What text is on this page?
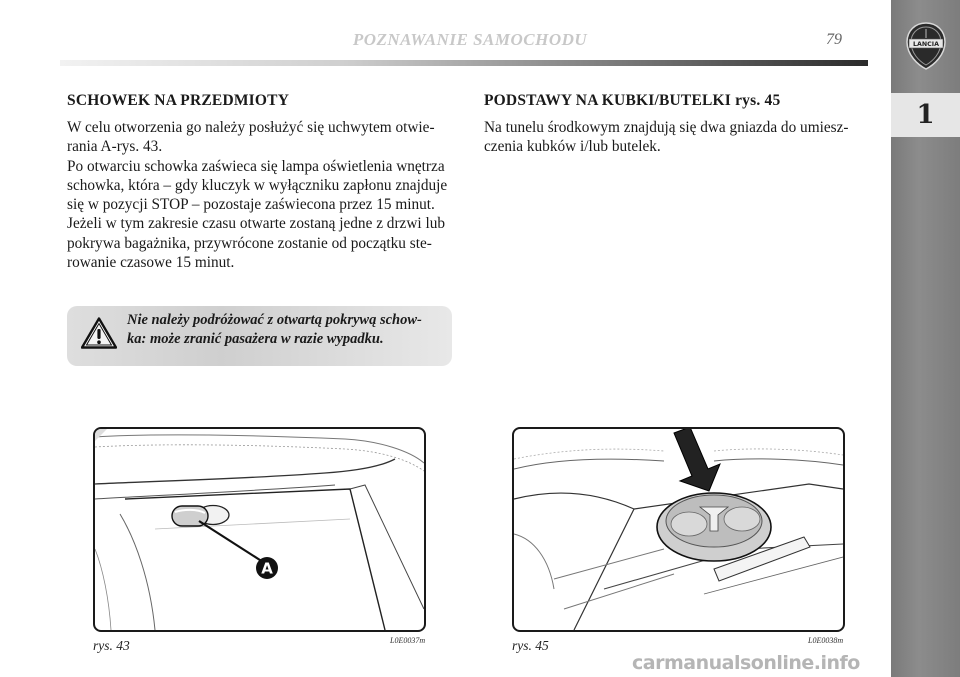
POZNAWANIE SAMOCHODU	79
1
LANCIA
SCHOWEK NA PRZEDMIOTY

W celu otworzenia go należy posłużyć się uchwytem otwie-
rania A-rys. 43.
Po otwarciu schowka zaświeca się lampa oświetlenia wnętrza
schowka, która – gdy kluczyk w wyłączniku zapłonu znajduje
się w pozycji STOP – pozostaje zaświecona przez 15 minut.
Jeżeli w tym zakresie czasu otwarte zostaną jedne z drzwi lub
pokrywa bagażnika, przywrócone zostanie od początku ste-
rowanie czasowe 15 minut.

Nie należy podróżować z otwartą pokrywą schow-
ka: może zranić pasażera w razie wypadku.
PODSTAWY NA KUBKI/BUTELKI rys. 45

Na tunelu środkowym znajdują się dwa gniazda do umiesz-
czenia kubków i/lub butelek.

A
rys. 43	L0E0037m	rys. 45	L0E0038m
carmanualsonline.info
